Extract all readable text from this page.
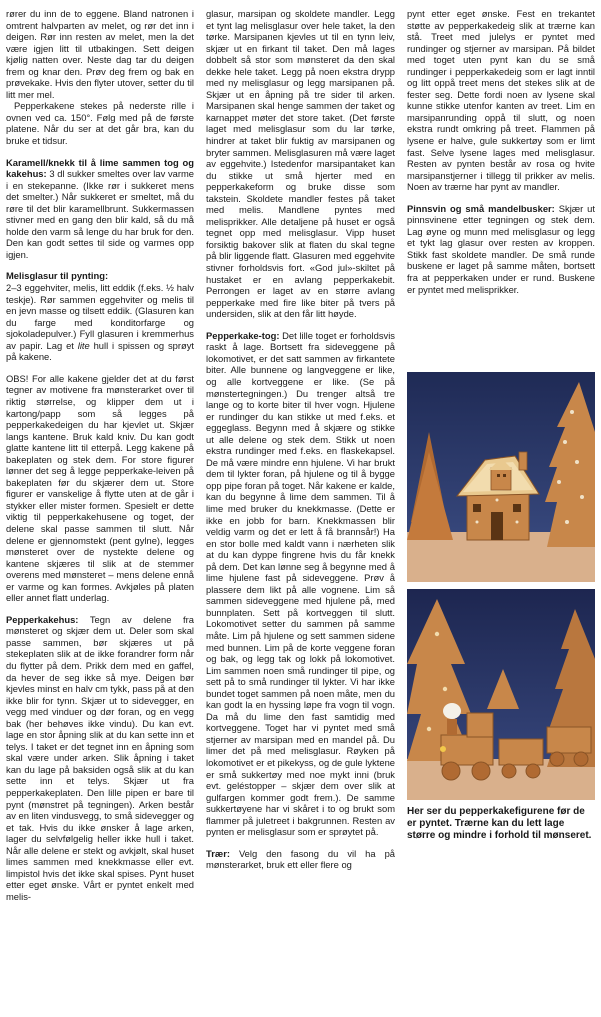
rører du inn de to eggene. Bland natronen i omtrent halvparten av melet, og rør det inn i deigen. Rør inn resten av melet, men la det være igjen litt til utbakingen. Sett deigen kjølig natten over. Neste dag tar du deigen frem og knar den. Prøv deg frem og bak en prøvekake. Hvis den flyter utover, setter du til litt mer mel.

Pepperkakene stekes på nederste rille i ovnen ved ca. 150°. Følg med på de første platene. Når du ser at det går bra, kan du bruke et tidsur.

Karamell/knekk til å lime sammen tog og kakehus: 3 dl sukker smeltes over lav varme i en stekepanne. (Ikke rør i sukkeret mens det smelter.) Når sukkeret er smeltet, må du røre til det blir karamellbrunt. Sukkermassen stivner med en gang den blir kald, så du må holde den varm så lenge du har bruk for den. Den kan godt settes til side og varmes opp igjen.

Melisglasur til pynting:
2–3 eggehviter, melis, litt eddik (f.eks. ½ halv teskje). Rør sammen eggehviter og melis til en jevn masse og tilsett eddik. (Glasuren kan du farge med konditorfarge og sjokoladepulver.) Fyll glasuren i kremmerhus av papir. Lag et lite hull i spissen og sprøyt på kakene.

OBS! For alle kakene gjelder det at du først tegner av motivene fra mønsterarket over til riktig størrelse, og klipper dem ut i kartong/papp som så legges på pepperkakedeigen du har kjevlet ut. Skjær langs kantene. Bruk kald kniv. Du kan godt glatte kantene litt til etterpå. Legg kakene på bakeplaten og stek dem. For store figurer lønner det seg å legge pepperkake-leiven på bakeplaten før du skjærer dem ut. Store figurer er vanskelige å flytte uten at de går i stykker eller mister formen. Spesielt er dette viktig til pepperkakehusene og toget, der delene skal passe sammen til slutt. Når delene er gjennomstekt (pent gylne), legges mønsteret over de nystekte delene og kantene skjæres til slik at de stemmer overens med mønsteret – mens delene ennå er varme og kan formes. Avkjøles på platen eller annet flatt underlag.

Pepperkakehus: Tegn av delene fra mønsteret og skjær dem ut. Deler som skal passe sammen, bør skjæres ut på stekeplaten slik at de ikke forandrer form når du flytter på dem. Prikk dem med en gaffel, da hever de seg ikke så mye. Deigen bør kjevles minst en halv cm tykk, pass på at den ikke blir for tynn. Skjær ut to sidevegger, en vegg med vinduer og dør foran, og en vegg bak (her behøves ikke vindu). Du kan evt. lage en stor åpning slik at du kan sette inn et telys. I taket er det tegnet inn en åpning som skal være under arken. Slik åpning i taket kan du lage på baksiden også slik at du kan sette inn et telys. Skjær ut fra pepperkakeplaten. Den lille pipen er bare til pynt (mønstret på tegningen). Arken består av en liten vindusvegg, to små sidevegger og et tak. Hvis du ikke ønsker å lage arken, lager du selvfølgelig heller ikke hull i taket. Når alle delene er stekt og avkjølt, skal huset limes sammen med knekkmasse eller evt. limpistol hvis det ikke skal spises. Pynt huset etter eget ønske. Vårt er pyntet enkelt med melis-

glasur, marsipan og skoldete mandler. Legg et tynt lag melisglasur over hele taket, la den tørke. Marsipanen kjevles ut til en tynn leiv, skjær ut en firkant til taket. Den må lages dobbelt så stor som mønsteret da den skal dekke hele taket. Legg på noen ekstra drypp med ny melisglasur og legg marsipanen på. Skjær ut en åpning på tre sider til arken. Marsipanen skal henge sammen der taket og karnappet møter det store taket. (Det første laget med melisglasur som du lar tørke, hindrer at taket blir fuktig av marsipanen og bryter sammen. Melisglasuren må være laget av eggehvite.) Istedenfor marsipantaket kan du stikke ut små hjerter med en pepperkakeform og bruke disse som takstein. Skoldete mandler festes på taket med melis. Mandlene pyntes med melisprikker. Alle detaljene på huset er også tegnet opp med melisglasur. Vipp huset forsiktig bakover slik at flaten du skal tegne på blir liggende flatt. Glasuren med eggehvite stivner forholdsvis fort. «God jul»-skiltet på hustaket er en avlang pepperkakebit. Perrongen er laget av en større avlang pepperkake med fire like biter på tvers på undersiden, slik at den får litt høyde.

Pepperkake-tog: Det lille toget er forholdsvis raskt å lage. Bortsett fra sideveggene på lokomotivet, er det satt sammen av firkantete biter. Alle bunnene og langveggene er like, og alle kortveggene er like. (Se på mønstertegningen.) Du trenger altså tre lange og to korte biter til hver vogn. Hjulene er rundinger du kan stikke ut med f.eks. et eggeglass. Begynn med å skjære og stikke ut alle delene og stek dem. Stikk ut noen ekstra rundinger med f.eks. en flaskekapsel. De må være mindre enn hjulene. Vi har brukt dem til lykter foran, på hjulene og til å bygge opp pipe foran på toget. Når kakene er kalde, kan du begynne å lime dem sammen. Til å lime med bruker du knekkmasse. (Dette er ikke en jobb for barn. Knekkmassen blir veldig varm og det er lett å få brannsår!) Ha en stor bolle med kaldt vann i nærheten slik at du kan dyppe fingrene hvis du får knekk på dem. Det kan lønne seg å begynne med å lime hjulene fast på sideveggene. Prøv å plassere dem likt på alle vognene. Lim så sammen sideveggene med hjulene på, med bunnplaten. Sett på kortveggen til slutt. Lokomotivet setter du sammen på samme måte. Lim på hjulene og sett sammen sidene med bunnen. Lim på de korte veggene foran og bak, og legg tak og lokk på lokomotivet. Lim sammen noen små rundinger til pipe, og sett på to små rundinger til lykter. Vi har ikke bundet toget sammen på noen måte, men du kan godt la en hyssing løpe fra vogn til vogn. Da må du lime den fast samtidig med kortveggene. Toget har vi pyntet med små stjerner av marsipan med en mandel på. Du limer det på med melisglasur. Røyken på lokomotivet er et pikekyss, og de gule lyktene er små sukkertøy med noe mykt inni (bruk evt. geléstopper – skjær dem over slik at gulfargen kommer godt frem.). De samme sukkertøyene har vi skåret i to og brukt som flammer på juletreet i bakgrunnen. Resten av pynten er melisglasur som er sprøytet på.

Trær: Velg den fasong du vil ha på mønsterarket, bruk ett eller flere og

pynt etter eget ønske. Fest en trekantet støtte av pepperkakedeig slik at trærne kan stå. Treet med julelys er pyntet med rundinger og stjerner av marsipan. På bildet med toget uten pynt kan du se små rundinger i pepperkakedeig som er lagt inntil og litt oppå treet mens det stekes slik at de fester seg. Dette fordi noen av lysene skal kunne stikke utenfor kanten av treet. Lim en marsipanrunding oppå til slutt, og noen ekstra rundt omkring på treet. Flammen på lysene er halve, gule sukkertøy som er limt fast. Selve lysene lages med melisglasur. Resten av pynten består av rosa og hvite marsipanstjerner i tillegg til prikker av melis. Noen av trærne har pynt av mandler.

Pinnsvin og små mandelbusker: Skjær ut pinnsvinene etter tegningen og stek dem. Lag øyne og munn med melisglasur og legg et tykt lag glasur over resten av kroppen. Stikk fast skoldete mandler. De små runde buskene er laget på samme måten, bortsett fra at pepperkaken under er rund. Buskene er pyntet med melisprikker.

Her ser du pepperkakefigurene før de er pyntet. Trærne kan du lett lage større og mindre i forhold til mønseret.
